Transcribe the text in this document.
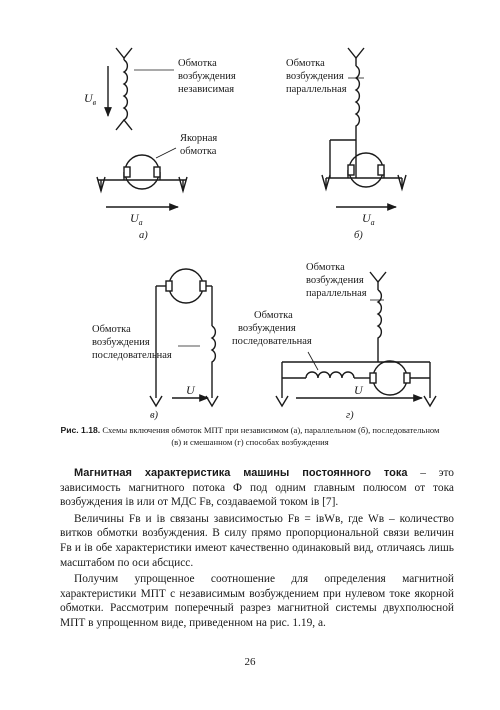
Обмотка
возбуждения
независимая
Якорная
обмотка
$U_в$
$U_a$
а)
Обмотка
возбуждения
параллельная
$U_a$
б)
Обмотка
возбуждения
последовательная
U
в)
Обмотка
возбуждения
параллельная
Обмотка
возбуждения
последовательная
U
г)
Рис. 1.18. Схемы включения обмоток МПТ при независимом (а), параллельном (б), последовательном (в) и смешанном (г) способах возбуждения

Магнитная характеристика машины постоянного тока – это зависимость магнитного потока Ф под одним главным полюсом от тока возбуждения iв или от МДС Fв, создаваемой током iв [7].

Величины Fв и iв связаны зависимостью Fв = iвWв, где Wв – количество витков обмотки возбуждения. В силу прямо пропорциональной связи величин Fв и iв обе характеристики имеют качественно одинаковый вид, отличаясь лишь масштабом по оси абсцисс.

Получим упрощенное соотношение для определения магнитной характеристики МПТ с независимым возбуждением при нулевом токе якорной обмотки. Рассмотрим поперечный разрез магнитной системы двухполюсной МПТ в упрощенном виде, приведенном на рис. 1.19, а.

26
